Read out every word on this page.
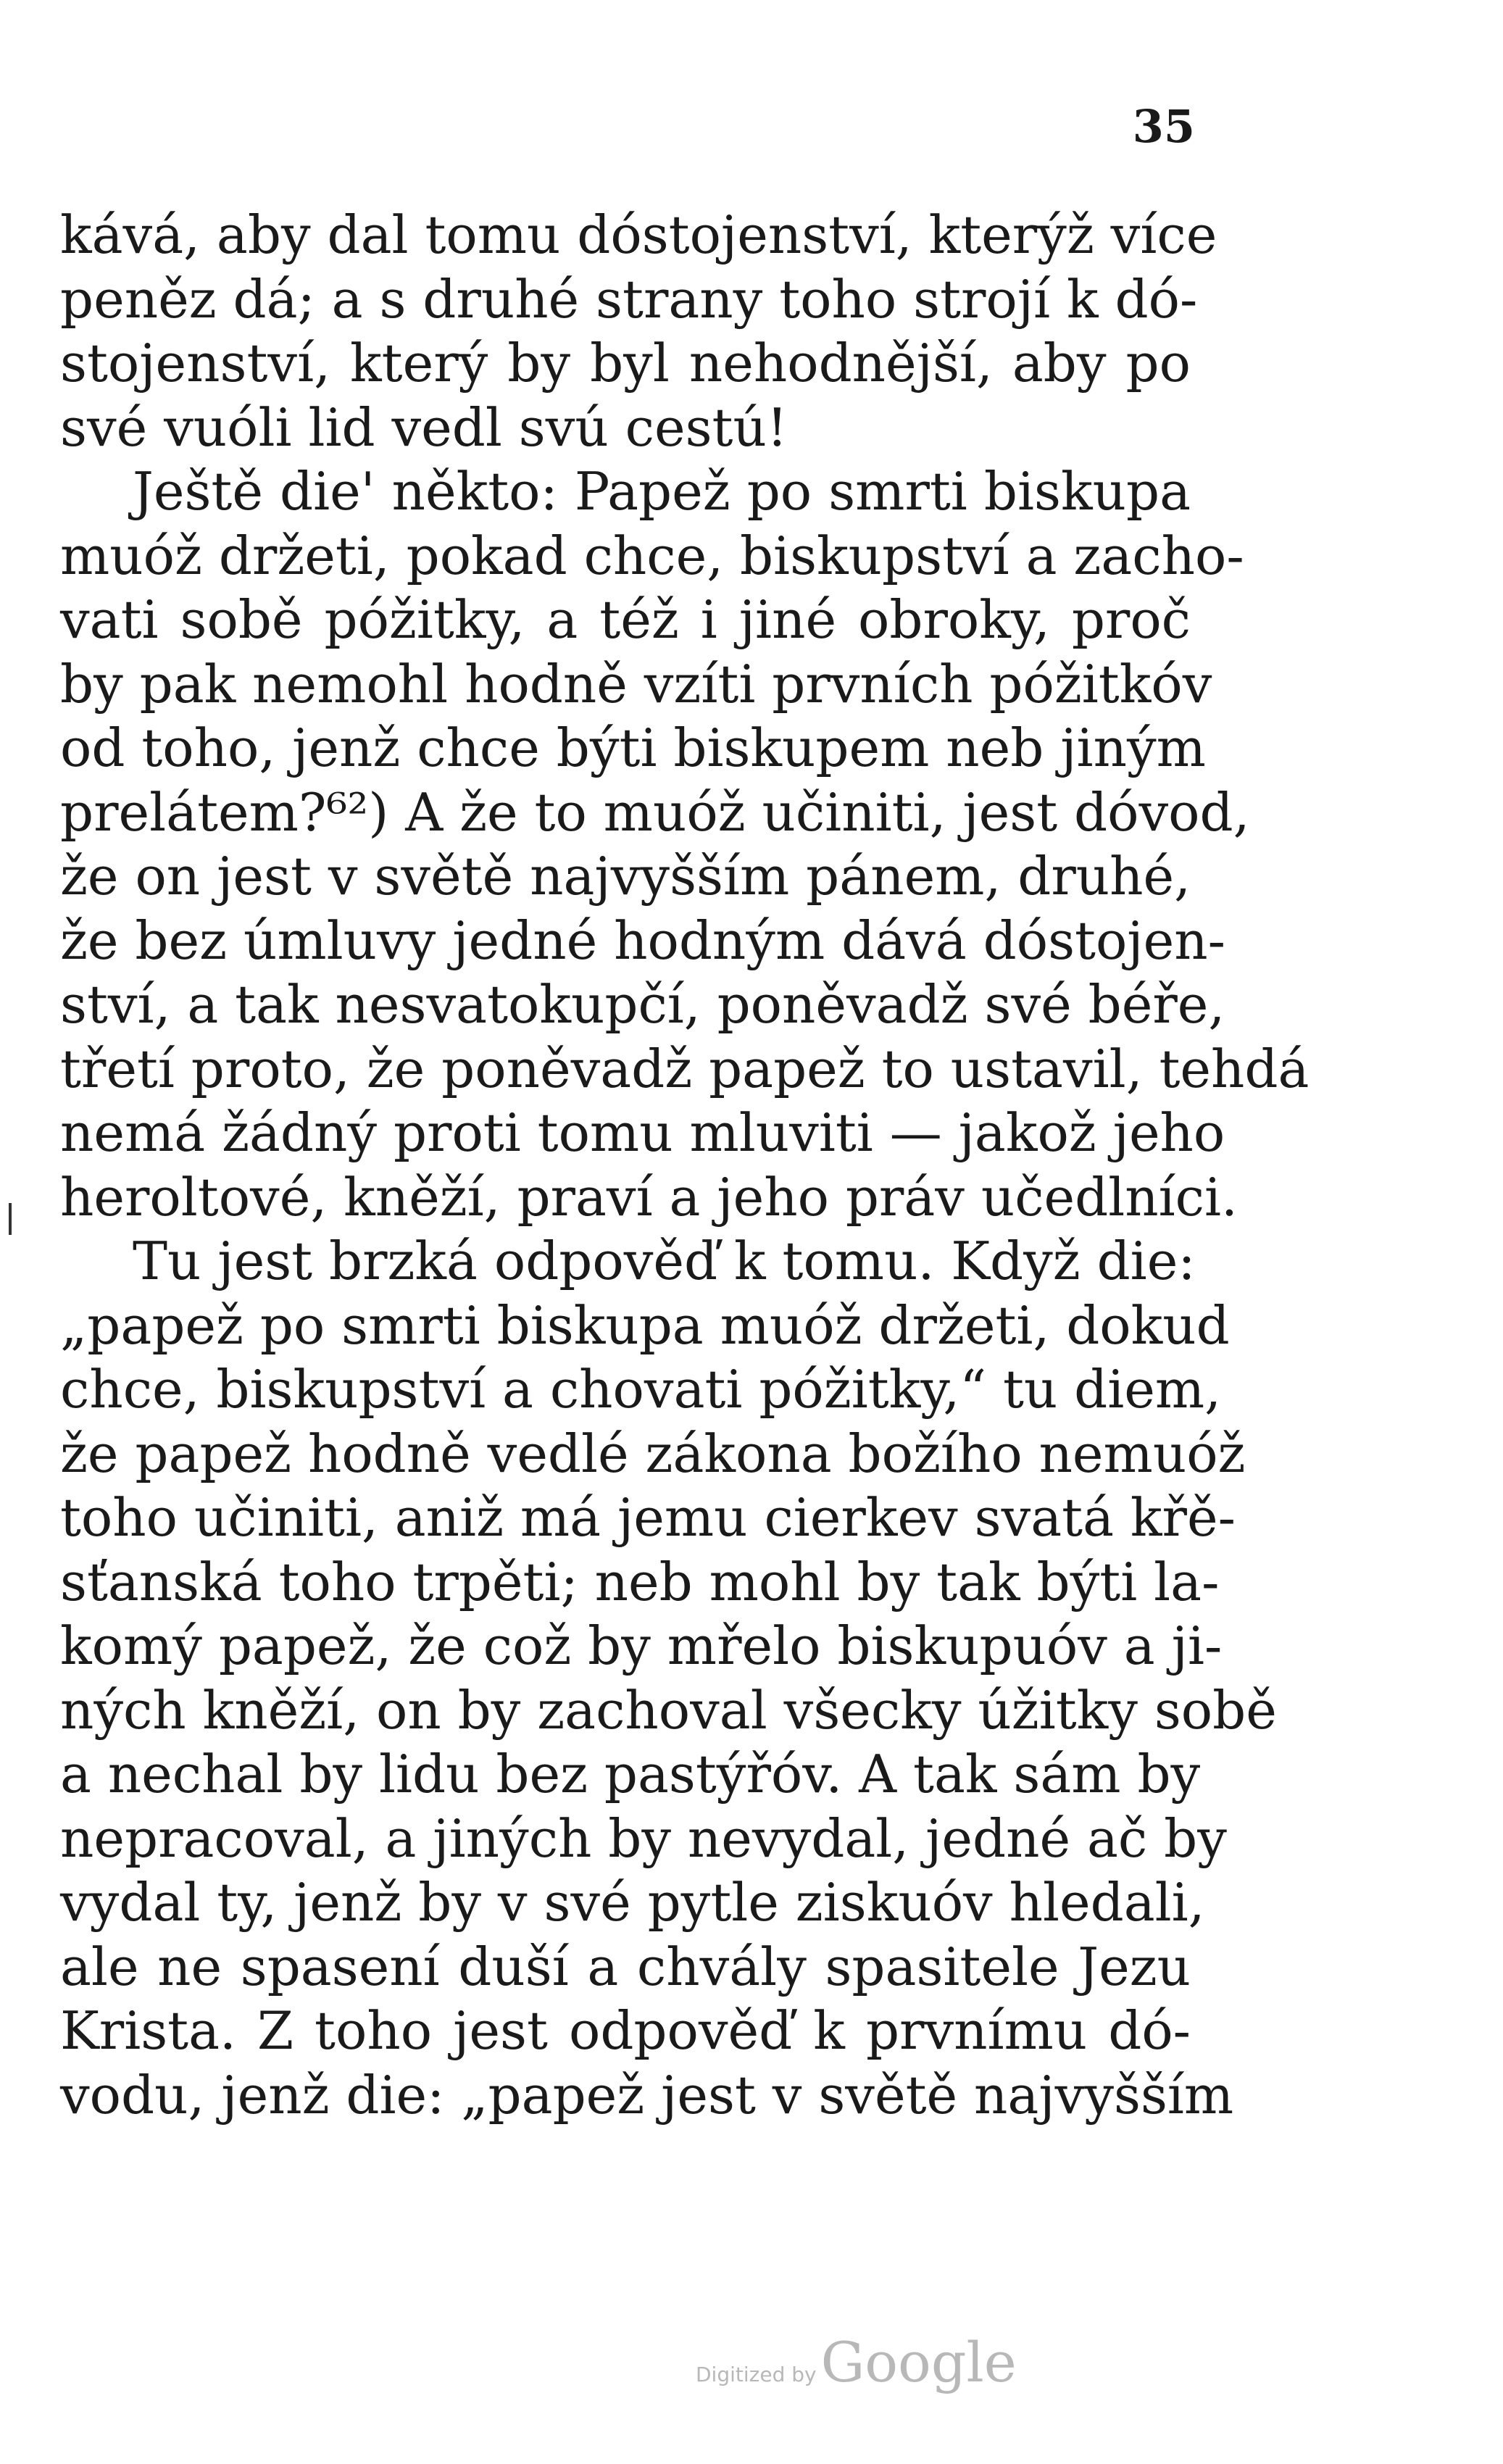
35
kává, aby dal tomu dóstojenství, kterýž více
peněz dá; a s druhé strany toho strojí k dó-
stojenství, který by byl nehodnější, aby po
své vuóli lid vedl svú cestú!
Ještě die' někto: Papež po smrti biskupa
muóž držeti, pokad chce, biskupství a zacho-
vati sobě póžitky, a též i jiné obroky, proč
by pak nemohl hodně vzíti prvních póžitkóv
od toho, jenž chce býti biskupem neb jiným
prelátem?⁶²) A že to muóž učiniti, jest dóvod,
že on jest v světě najvyšším pánem, druhé,
že bez úmluvy jedné hodným dává dóstojen-
ství, a tak nesvatokupčí, poněvadž své béře,
třetí proto, že poněvadž papež to ustavil, tehdá
nemá žádný proti tomu mluviti — jakož jeho
heroltové, kněží, praví a jeho práv učedlníci.
Tu jest brzká odpověď k tomu. Když die:
„papež po smrti biskupa muóž držeti, dokud
chce, biskupství a chovati póžitky,“ tu diem,
že papež hodně vedlé zákona božího nemuóž
toho učiniti, aniž má jemu cierkev svatá křě-
sťanská toho trpěti; neb mohl by tak býti la-
komý papež, že což by mřelo biskupuóv a ji-
ných kněží, on by zachoval všecky úžitky sobě
a nechal by lidu bez pastýřóv. A tak sám by
nepracoval, a jiných by nevydal, jedné ač by
vydal ty, jenž by v své pytle ziskuóv hledali,
ale ne spasení duší a chvály spasitele Jezu
Krista. Z toho jest odpověď k prvnímu dó-
vodu, jenž die: „papež jest v světě najvyšším
Digitized byGoogle
